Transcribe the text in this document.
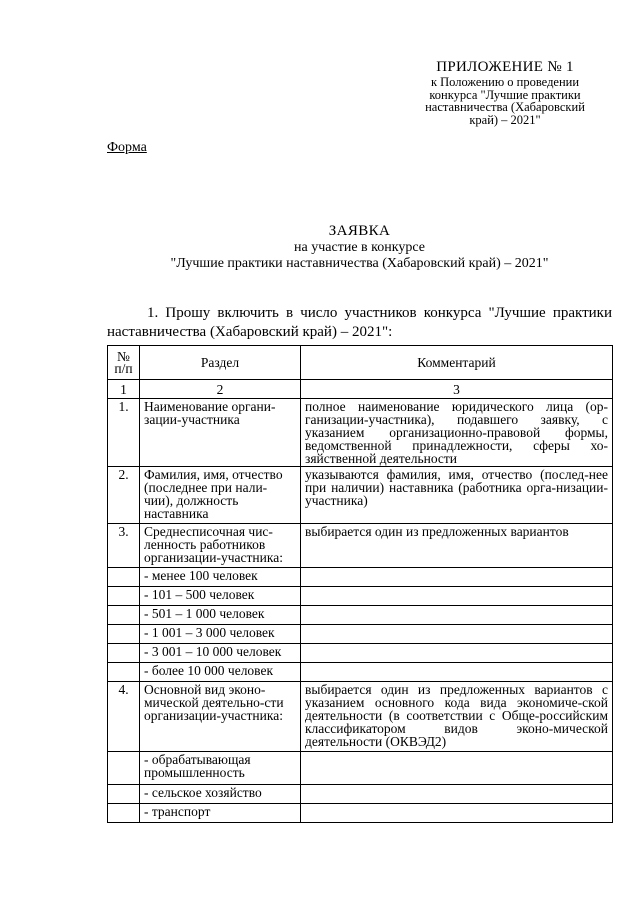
ПРИЛОЖЕНИЕ № 1
к Положению о проведении
конкурса "Лучшие практики
наставничества (Хабаровский
край) – 2021"
Форма
ЗАЯВКА
на участие в конкурсе
"Лучшие практики наставничества (Хабаровский край) – 2021"
1. Прошу включить в число участников конкурса "Лучшие практики наставничества (Хабаровский край) – 2021":
№ п/п	Раздел	Комментарий
1	2	3
1.	Наименование органи-зации-участника	полное наименование юридического лица (ор-ганизации-участника), подавшего заявку, с указанием организационно-правовой формы, ведомственной принадлежности, сферы хо-зяйственной деятельности
2.	Фамилия, имя, отчество (последнее при нали-чии), должность наставника	указываются фамилия, имя, отчество (послед-нее при наличии) наставника (работника орга-низации-участника)
3.	Среднесписочная чис-ленность работников организации-участника:	выбирается один из предложенных вариантов
	- менее 100 человек	
	- 101 – 500 человек	
	- 501 – 1 000 человек	
	- 1 001 – 3 000 человек	
	- 3 001 – 10 000 человек	
	- более 10 000 человек	
4.	Основной вид эконо-мической деятельно-сти организации-участника:	выбирается один из предложенных вариантов с указанием основного кода вида экономиче-ской деятельности (в соответствии с Обще-российским классификатором видов эконо-мической деятельности (ОКВЭД2)
	- обрабатывающая промышленность	
	- сельское хозяйство	
	- транспорт	
